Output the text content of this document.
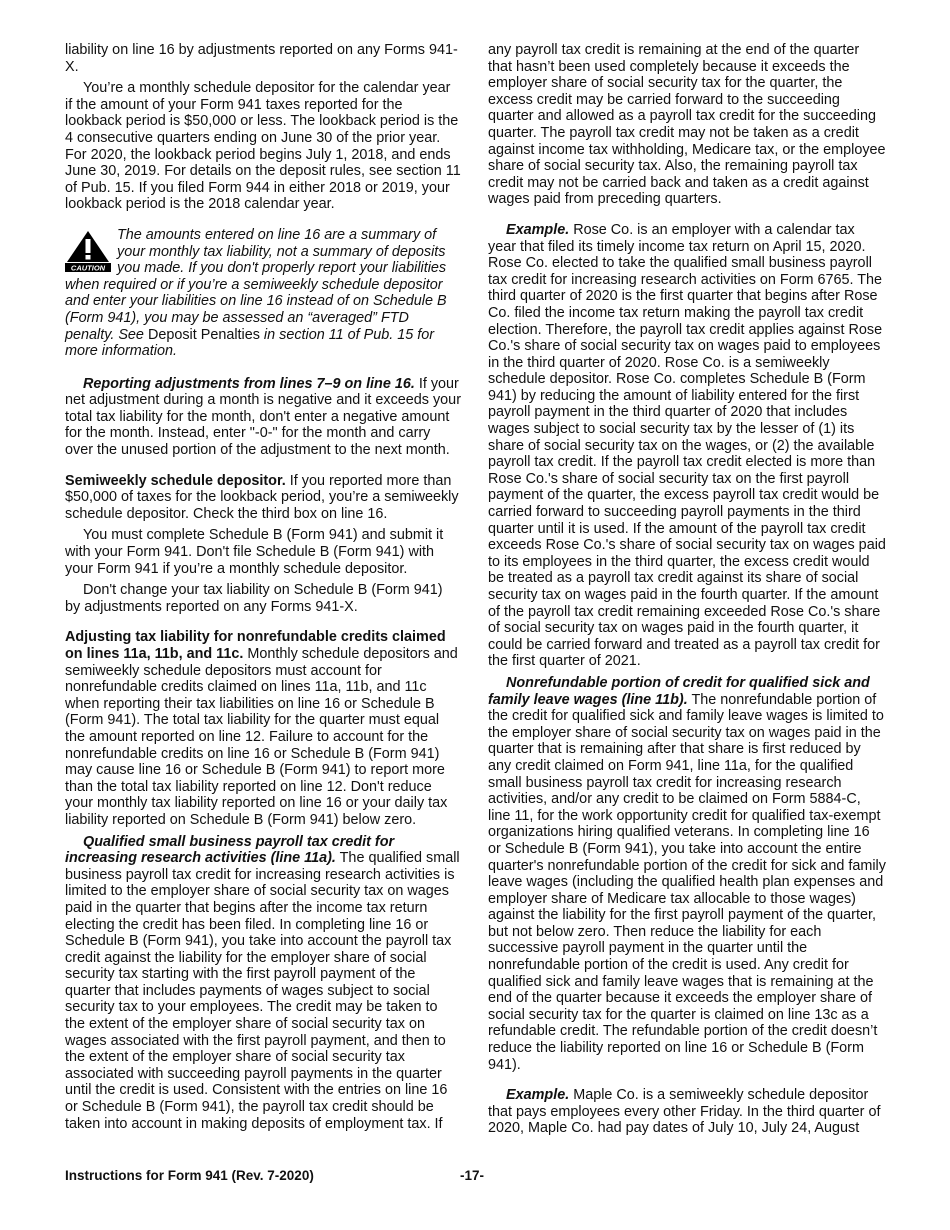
liability on line 16 by adjustments reported on any Forms 941-X.

You’re a monthly schedule depositor for the calendar year if the amount of your Form 941 taxes reported for the lookback period is $50,000 or less. The lookback period is the 4 consecutive quarters ending on June 30 of the prior year. For 2020, the lookback period begins July 1, 2018, and ends June 30, 2019. For details on the deposit rules, see section 11 of Pub. 15. If you filed Form 944 in either 2018 or 2019, your lookback period is the 2018 calendar year.

CAUTION
The amounts entered on line 16 are a summary of your monthly tax liability, not a summary of deposits you made. If you don't properly report your liabilities when required or if you’re a semiweekly schedule depositor and enter your liabilities on line 16 instead of on Schedule B (Form 941), you may be assessed an “averaged” FTD penalty. See Deposit Penalties in section 11 of Pub. 15 for more information.

Reporting adjustments from lines 7–9 on line 16. If your net adjustment during a month is negative and it exceeds your total tax liability for the month, don't enter a negative amount for the month. Instead, enter "-0-" for the month and carry over the unused portion of the adjustment to the next month.

Semiweekly schedule depositor. If you reported more than $50,000 of taxes for the lookback period, you’re a semiweekly schedule depositor. Check the third box on line 16.

You must complete Schedule B (Form 941) and submit it with your Form 941. Don't file Schedule B (Form 941) with your Form 941 if you’re a monthly schedule depositor.

Don't change your tax liability on Schedule B (Form 941) by adjustments reported on any Forms 941-X.

Adjusting tax liability for nonrefundable credits claimed on lines 11a, 11b, and 11c. Monthly schedule depositors and semiweekly schedule depositors must account for nonrefundable credits claimed on lines 11a, 11b, and 11c when reporting their tax liabilities on line 16 or Schedule B (Form 941). The total tax liability for the quarter must equal the amount reported on line 12. Failure to account for the nonrefundable credits on line 16 or Schedule B (Form 941) may cause line 16 or Schedule B (Form 941) to report more than the total tax liability reported on line 12. Don't reduce your monthly tax liability reported on line 16 or your daily tax liability reported on Schedule B (Form 941) below zero.

Qualified small business payroll tax credit for increasing research activities (line 11a). The qualified small business payroll tax credit for increasing research activities is limited to the employer share of social security tax on wages paid in the quarter that begins after the income tax return electing the credit has been filed. In completing line 16 or Schedule B (Form 941), you take into account the payroll tax credit against the liability for the employer share of social security tax starting with the first payroll payment of the quarter that includes payments of wages subject to social security tax to your employees. The credit may be taken to the extent of the employer share of social security tax on wages associated with the first payroll payment, and then to the extent of the employer share of social security tax associated with succeeding payroll payments in the quarter until the credit is used. Consistent with the entries on line 16 or Schedule B (Form 941), the payroll tax credit should be taken into account in making deposits of employment tax. If

any payroll tax credit is remaining at the end of the quarter that hasn’t been used completely because it exceeds the employer share of social security tax for the quarter, the excess credit may be carried forward to the succeeding quarter and allowed as a payroll tax credit for the succeeding quarter. The payroll tax credit may not be taken as a credit against income tax withholding, Medicare tax, or the employee share of social security tax. Also, the remaining payroll tax credit may not be carried back and taken as a credit against wages paid from preceding quarters.

Example. Rose Co. is an employer with a calendar tax year that filed its timely income tax return on April 15, 2020. Rose Co. elected to take the qualified small business payroll tax credit for increasing research activities on Form 6765. The third quarter of 2020 is the first quarter that begins after Rose Co. filed the income tax return making the payroll tax credit election. Therefore, the payroll tax credit applies against Rose Co.'s share of social security tax on wages paid to employees in the third quarter of 2020. Rose Co. is a semiweekly schedule depositor. Rose Co. completes Schedule B (Form 941) by reducing the amount of liability entered for the first payroll payment in the third quarter of 2020 that includes wages subject to social security tax by the lesser of (1) its share of social security tax on the wages, or (2) the available payroll tax credit. If the payroll tax credit elected is more than Rose Co.'s share of social security tax on the first payroll payment of the quarter, the excess payroll tax credit would be carried forward to succeeding payroll payments in the third quarter until it is used. If the amount of the payroll tax credit exceeds Rose Co.'s share of social security tax on wages paid to its employees in the third quarter, the excess credit would be treated as a payroll tax credit against its share of social security tax on wages paid in the fourth quarter. If the amount of the payroll tax credit remaining exceeded Rose Co.'s share of social security tax on wages paid in the fourth quarter, it could be carried forward and treated as a payroll tax credit for the first quarter of 2021.

Nonrefundable portion of credit for qualified sick and family leave wages (line 11b). The nonrefundable portion of the credit for qualified sick and family leave wages is limited to the employer share of social security tax on wages paid in the quarter that is remaining after that share is first reduced by any credit claimed on Form 941, line 11a, for the qualified small business payroll tax credit for increasing research activities, and/or any credit to be claimed on Form 5884-C, line 11, for the work opportunity credit for qualified tax-exempt organizations hiring qualified veterans. In completing line 16 or Schedule B (Form 941), you take into account the entire quarter's nonrefundable portion of the credit for sick and family leave wages (including the qualified health plan expenses and employer share of Medicare tax allocable to those wages) against the liability for the first payroll payment of the quarter, but not below zero. Then reduce the liability for each successive payroll payment in the quarter until the nonrefundable portion of the credit is used. Any credit for qualified sick and family leave wages that is remaining at the end of the quarter because it exceeds the employer share of social security tax for the quarter is claimed on line 13c as a refundable credit. The refundable portion of the credit doesn’t reduce the liability reported on line 16 or Schedule B (Form 941).

Example. Maple Co. is a semiweekly schedule depositor that pays employees every other Friday. In the third quarter of 2020, Maple Co. had pay dates of July 10, July 24, August

Instructions for Form 941 (Rev. 7-2020)	-17-
